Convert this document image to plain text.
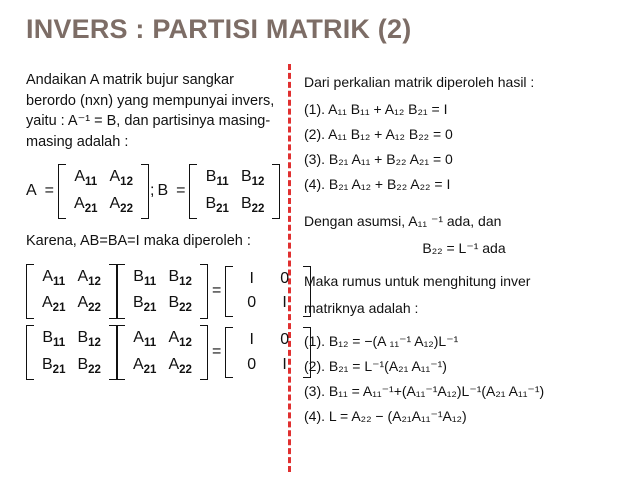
INVERS : PARTISI MATRIK (2)

Andaikan A matrik bujur sangkar berordo (nxn) yang mempunyai invers, yaitu : A⁻¹ = B, dan partisinya masing-masing adalah :

A =
$A_{11}$ $A_{12}$
$A_{21}$ $A_{22}$
; B =
$B_{11}$ $B_{12}$
$B_{21}$ $B_{22}$

Karena, AB=BA=I maka diperoleh :

$A_{11}$ $A_{12}$
$A_{21}$ $A_{22}$
$B_{11}$ $B_{12}$
$B_{21}$ $B_{22}$
=
I	0
0	I
$B_{11}$ $B_{12}$
$B_{21}$ $B_{22}$
$A_{11}$ $A_{12}$
$A_{21}$ $A_{22}$
=
I	0
0	I

Dari perkalian matrik diperoleh hasil :

(1). A₁₁ B₁₁ + A₁₂ B₂₁ = I

(2). A₁₁ B₁₂ + A₁₂ B₂₂ = 0

(3). B₂₁ A₁₁ + B₂₂ A₂₁ = 0

(4). B₂₁ A₁₂ + B₂₂ A₂₂ = I

Dengan asumsi, A₁₁ ⁻¹ ada, dan

B₂₂ = L⁻¹ ada

Maka rumus untuk menghitung inver

matriknya adalah :

(1). B₁₂ = −(A ₁₁⁻¹ A₁₂)L⁻¹

(2). B₂₁ = L⁻¹(A₂₁ A₁₁⁻¹)

(3). B₁₁ = A₁₁⁻¹+(A₁₁⁻¹A₁₂)L⁻¹(A₂₁ A₁₁⁻¹)

(4). L = A₂₂ − (A₂₁A₁₁⁻¹A₁₂)
